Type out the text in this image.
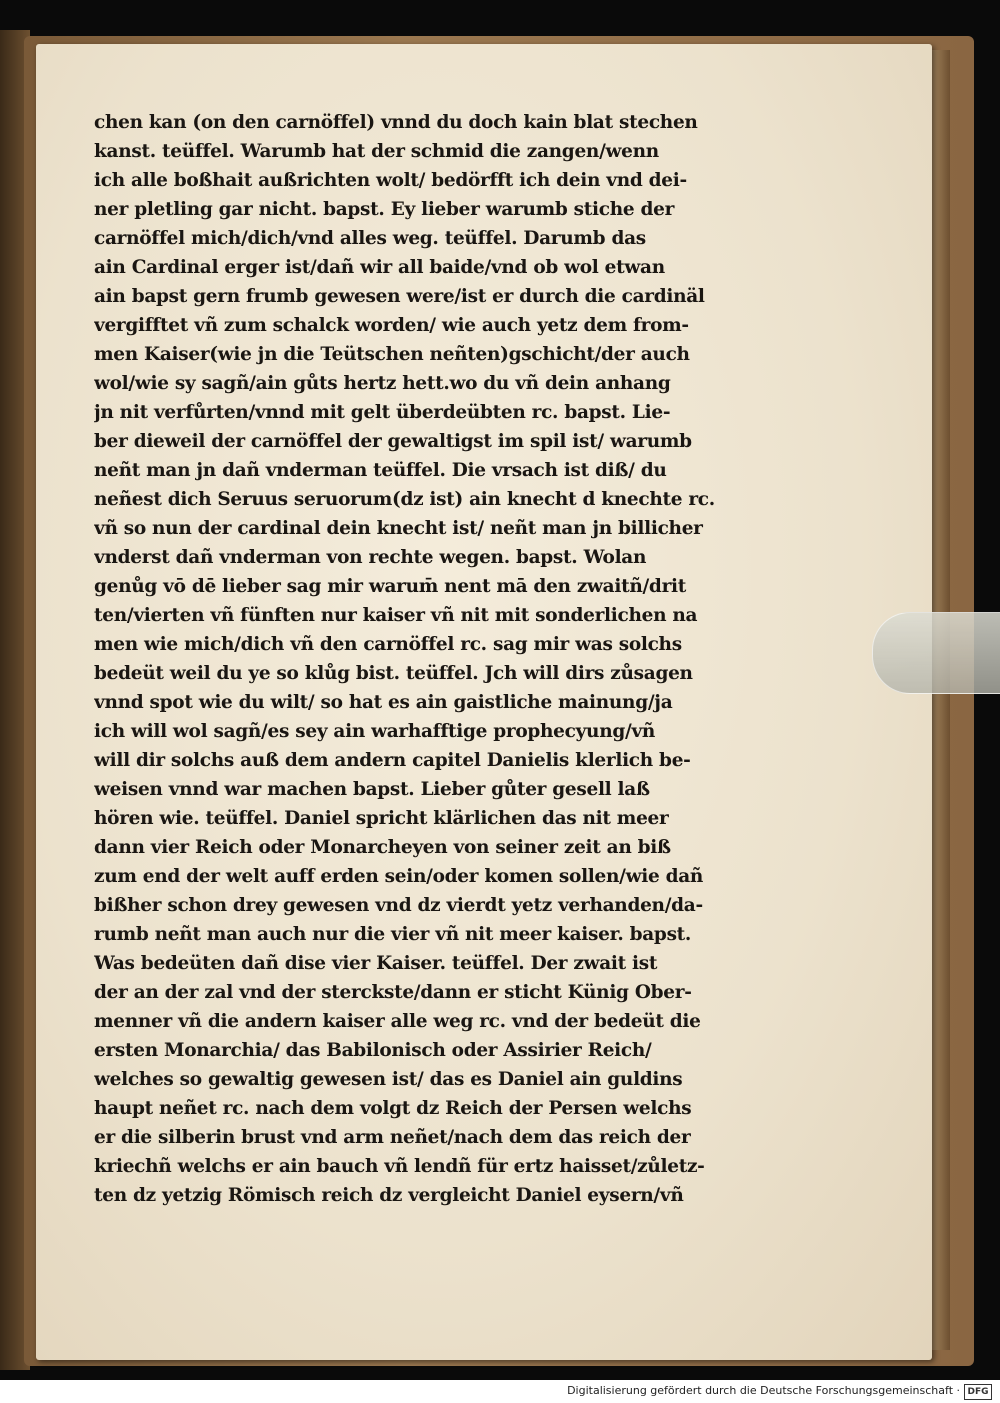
chen kan (on den carnöffel) vnnd du doch kain blat stechen
kanst. teüffel. Warumb hat der schmid die zangen/wenn
ich alle boßhait außrichten wolt/ bedörfft ich dein vnd dei-
ner pletling gar nicht. bapst. Ey lieber warumb stiche der
carnöffel mich/dich/vnd alles weg. teüffel. Darumb das
ain Cardinal erger ist/dañ wir all baide/vnd ob wol etwan
ain bapst gern frumb gewesen were/ist er durch die cardinäl
vergifftet vñ zum schalck worden/ wie auch yetz dem from-
men Kaiser(wie jn die Teütschen neñten)gschicht/der auch
wol/wie sy sagñ/ain gůts hertz hett.wo du vñ dein anhang
jn nit verfůrten/vnnd mit gelt überdeübten rc. bapst. Lie-
ber dieweil der carnöffel der gewaltigst im spil ist/ warumb
neñt man jn dañ vnderman teüffel. Die vrsach ist diß/ du
neñest dich Seruus seruorum(dz ist) ain knecht d knechte rc.
vñ so nun der cardinal dein knecht ist/ neñt man jn billicher
vnderst dañ vnderman von rechte wegen. bapst. Wolan
genůg vō dē lieber sag mir warum̄ nent mā den zwaitñ/drit
ten/vierten vñ fünften nur kaiser vñ nit mit sonderlichen na
men wie mich/dich vñ den carnöffel rc. sag mir was solchs
bedeüt weil du ye so klůg bist. teüffel. Jch will dirs zůsagen
vnnd spot wie du wilt/ so hat es ain gaistliche mainung/ja
ich will wol sagñ/es sey ain warhafftige prophecyung/vñ
will dir solchs auß dem andern capitel Danielis klerlich be-
weisen vnnd war machen bapst. Lieber gůter gesell laß
hören wie. teüffel. Daniel spricht klärlichen das nit meer
dann vier Reich oder Monarcheyen von seiner zeit an biß
zum end der welt auff erden sein/oder komen sollen/wie dañ
bißher schon drey gewesen vnd dz vierdt yetz verhanden/da-
rumb neñt man auch nur die vier vñ nit meer kaiser. bapst.
Was bedeüten dañ dise vier Kaiser. teüffel. Der zwait ist
der an der zal vnd der sterckste/dann er sticht Künig Ober-
menner vñ die andern kaiser alle weg rc. vnd der bedeüt die
ersten Monarchia/ das Babilonisch oder Assirier Reich/
welches so gewaltig gewesen ist/ das es Daniel ain guldins
haupt neñet rc. nach dem volgt dz Reich der Persen welchs
er die silberin brust vnd arm neñet/nach dem das reich der
kriechñ welchs er ain bauch vñ lendñ für ertz haisset/zůletz-
ten dz yetzig Römisch reich dz vergleicht Daniel eysern/vñ
Digitalisierung gefördert durch die Deutsche Forschungsgemeinschaft · DFG
